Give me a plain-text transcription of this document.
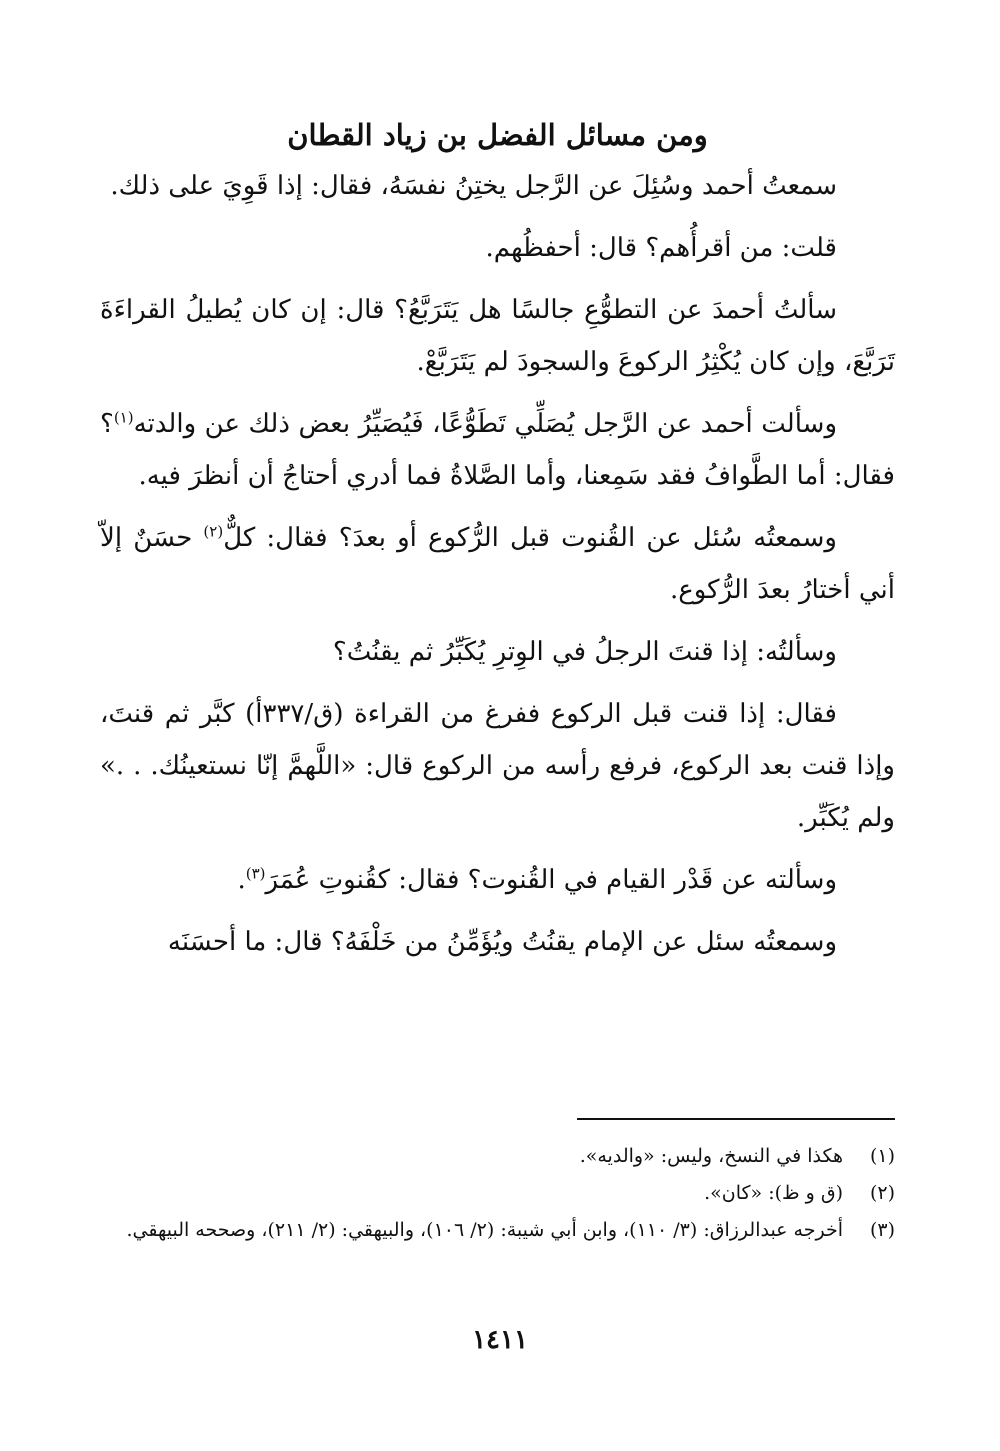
ومن مسائل الفضل بن زياد القطان

سمعتُ أحمد وسُئِلَ عن الرَّجل يختِنُ نفسَهُ، فقال: إذا قَوِيَ على ذلك.

قلت: من أقرأُهم؟ قال: أحفظُهم.

سألتُ أحمدَ عن التطوُّعِ جالسًا هل يَتَرَبَّعُ؟ قال: إن كان يُطيلُ القراءَةَ تَرَبَّعَ، وإن كان يُكْثِرُ الركوعَ والسجودَ لم يَتَرَبَّعْ.

وسألت أحمد عن الرَّجل يُصَلِّي تَطَوُّعًا، فَيُصَيِّرُ بعض ذلك عن والدته$^{(١)}$؟ فقال: أما الطَّوافُ فقد سَمِعنا، وأما الصَّلاةُ فما أدري أحتاجُ أن أنظرَ فيه.

وسمعتُه سُئل عن القُنوت قبل الرُّكوع أو بعدَ؟ فقال: كلٌّ$^{(٢)}$ حسَنٌ إلاّ أني أختارُ بعدَ الرُّكوع.

وسألتُه: إذا قنتَ الرجلُ في الوِترِ يُكَبِّرُ ثم يقنُتُ؟

فقال: إذا قنت قبل الركوع ففرغ من القراءة (ق/٣٣٧أ) كبَّر ثم قنتَ، وإذا قنت بعد الركوع، فرفع رأسه من الركوع قال: «اللَّهمَّ إنّا نستعينُك. . .» ولم يُكَبِّر.

وسألته عن قَدْر القيام في القُنوت؟ فقال: كقُنوتِ عُمَرَ$^{(٣)}$.

وسمعتُه سئل عن الإمام يقنُتُ ويُؤَمِّنُ من خَلْفَهُ؟ قال: ما أحسَنَه

(١)
هكذا في النسخ، وليس: «والديه».
(٢)
(ق و ظ): «كان».
(٣)
أخرجه عبدالرزاق: (٣/ ١١٠)، وابن أبي شيبة: (٢/ ١٠٦)، والبيهقي: (٢/ ٢١١)، وصححه البيهقي.
١٤١١
